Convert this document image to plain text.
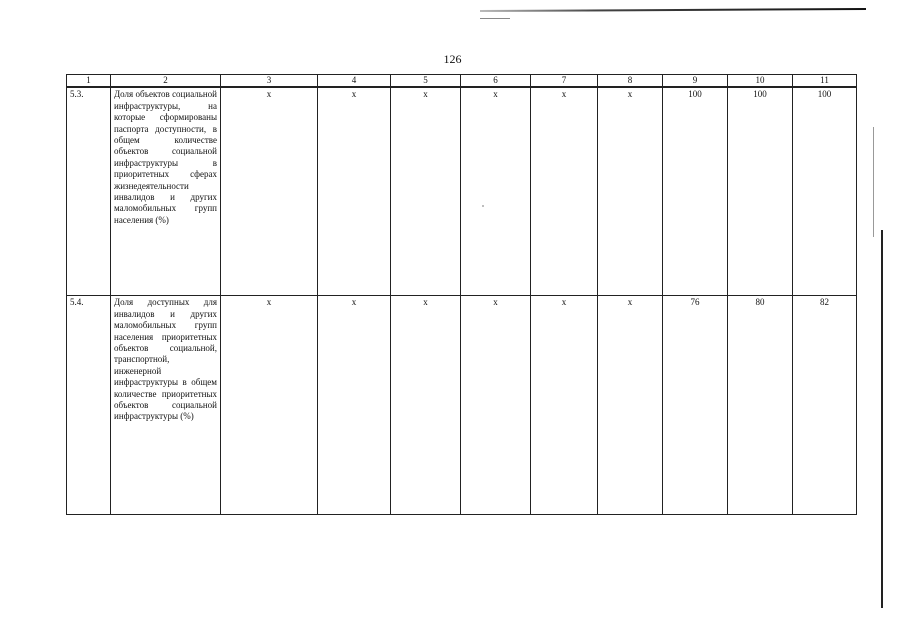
126
1	2	3	4	5	6	7	8	9	10	11
5.3.	Доля объектов социальной инфраструктуры, на которые сформированы паспорта доступности, в общем количестве объектов социальной инфраструктуры в приоритетных сферах жизнедеятельности инвалидов и других маломобильных групп населения (%)	x	x	x	x	x	x	100	100	100
5.4.	Доля доступных для инвалидов и других маломобильных групп населения приоритетных объектов социальной, транспортной, инженерной инфраструктуры в общем количестве приоритетных объектов социальной инфраструктуры (%)	x	x	x	x	x	x	76	80	82
